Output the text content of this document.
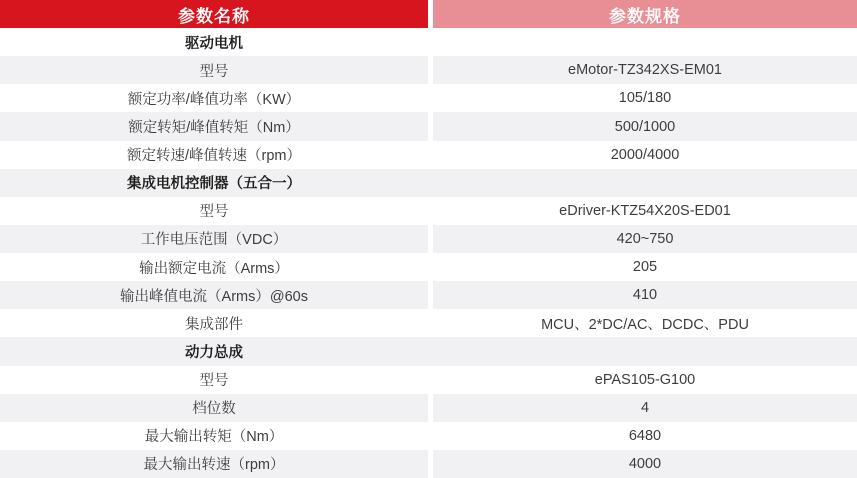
参数名称	参数规格
驱动电机
型号	eMotor-TZ342XS-EM01
额定功率/峰值功率（KW）	105/180
额定转矩/峰值转矩（Nm）	500/1000
额定转速/峰值转速（rpm）	2000/4000
集成电机控制器（五合一）
型号	eDriver-KTZ54X20S-ED01
工作电压范围（VDC）	420~750
输出额定电流（Arms）	205
输出峰值电流（Arms）@60s	410
集成部件	MCU、2*DC/AC、DCDC、PDU
动力总成
型号	ePAS105-G100
档位数	4
最大输出转矩（Nm）	6480
最大输出转速（rpm）	4000
